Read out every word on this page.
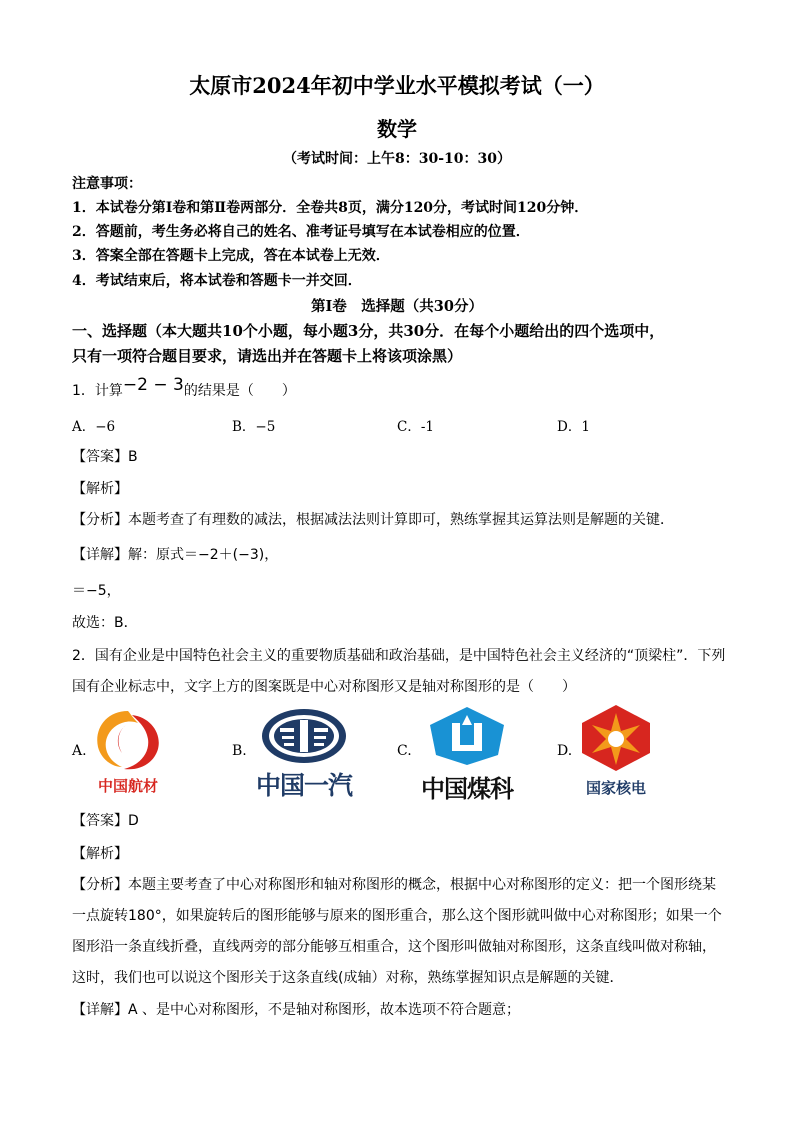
太原市2024年初中学业水平模拟考试（一）
数学
（考试时间：上午8：30-10：30）
注意事项：
1．本试卷分第Ⅰ卷和第Ⅱ卷两部分．全卷共8页，满分120分，考试时间120分钟．
2．答题前，考生务必将自己的姓名、准考证号填写在本试卷相应的位置．
3．答案全部在答题卡上完成，答在本试卷上无效．
4．考试结束后，将本试卷和答题卡一并交回．
第Ⅰ卷　选择题（共30分）
一、选择题（本大题共10个小题，每小题3分，共30分．在每个小题给出的四个选项中，
只有一项符合题目要求，请选出并在答题卡上将该项涂黑）
1．计算−2 − 3的结果是（　　）
A．−6	B．−5	C．-1	D．1
【答案】B
【解析】
【分析】本题考查了有理数的减法，根据减法法则计算即可，熟练掌握其运算法则是解题的关键．
【详解】解：原式＝−2＋(−3)，
＝−5，
故选：B．
2．国有企业是中国特色社会主义的重要物质基础和政治基础，是中国特色社会主义经济的“顶梁柱”．下列
国有企业标志中，文字上方的图案既是中心对称图形又是轴对称图形的是（　　）
A.
中国航材
B.
中国一汽
C.
中国煤科
D.
国家核电
【答案】D
【解析】
【分析】本题主要考查了中心对称图形和轴对称图形的概念，根据中心对称图形的定义：把一个图形绕某
一点旋转180°，如果旋转后的图形能够与原来的图形重合，那么这个图形就叫做中心对称图形；如果一个
图形沿一条直线折叠，直线两旁的部分能够互相重合，这个图形叫做轴对称图形，这条直线叫做对称轴，
这时，我们也可以说这个图形关于这条直线(成轴）对称，熟练掌握知识点是解题的关键．
【详解】A 、是中心对称图形，不是轴对称图形，故本选项不符合题意；
